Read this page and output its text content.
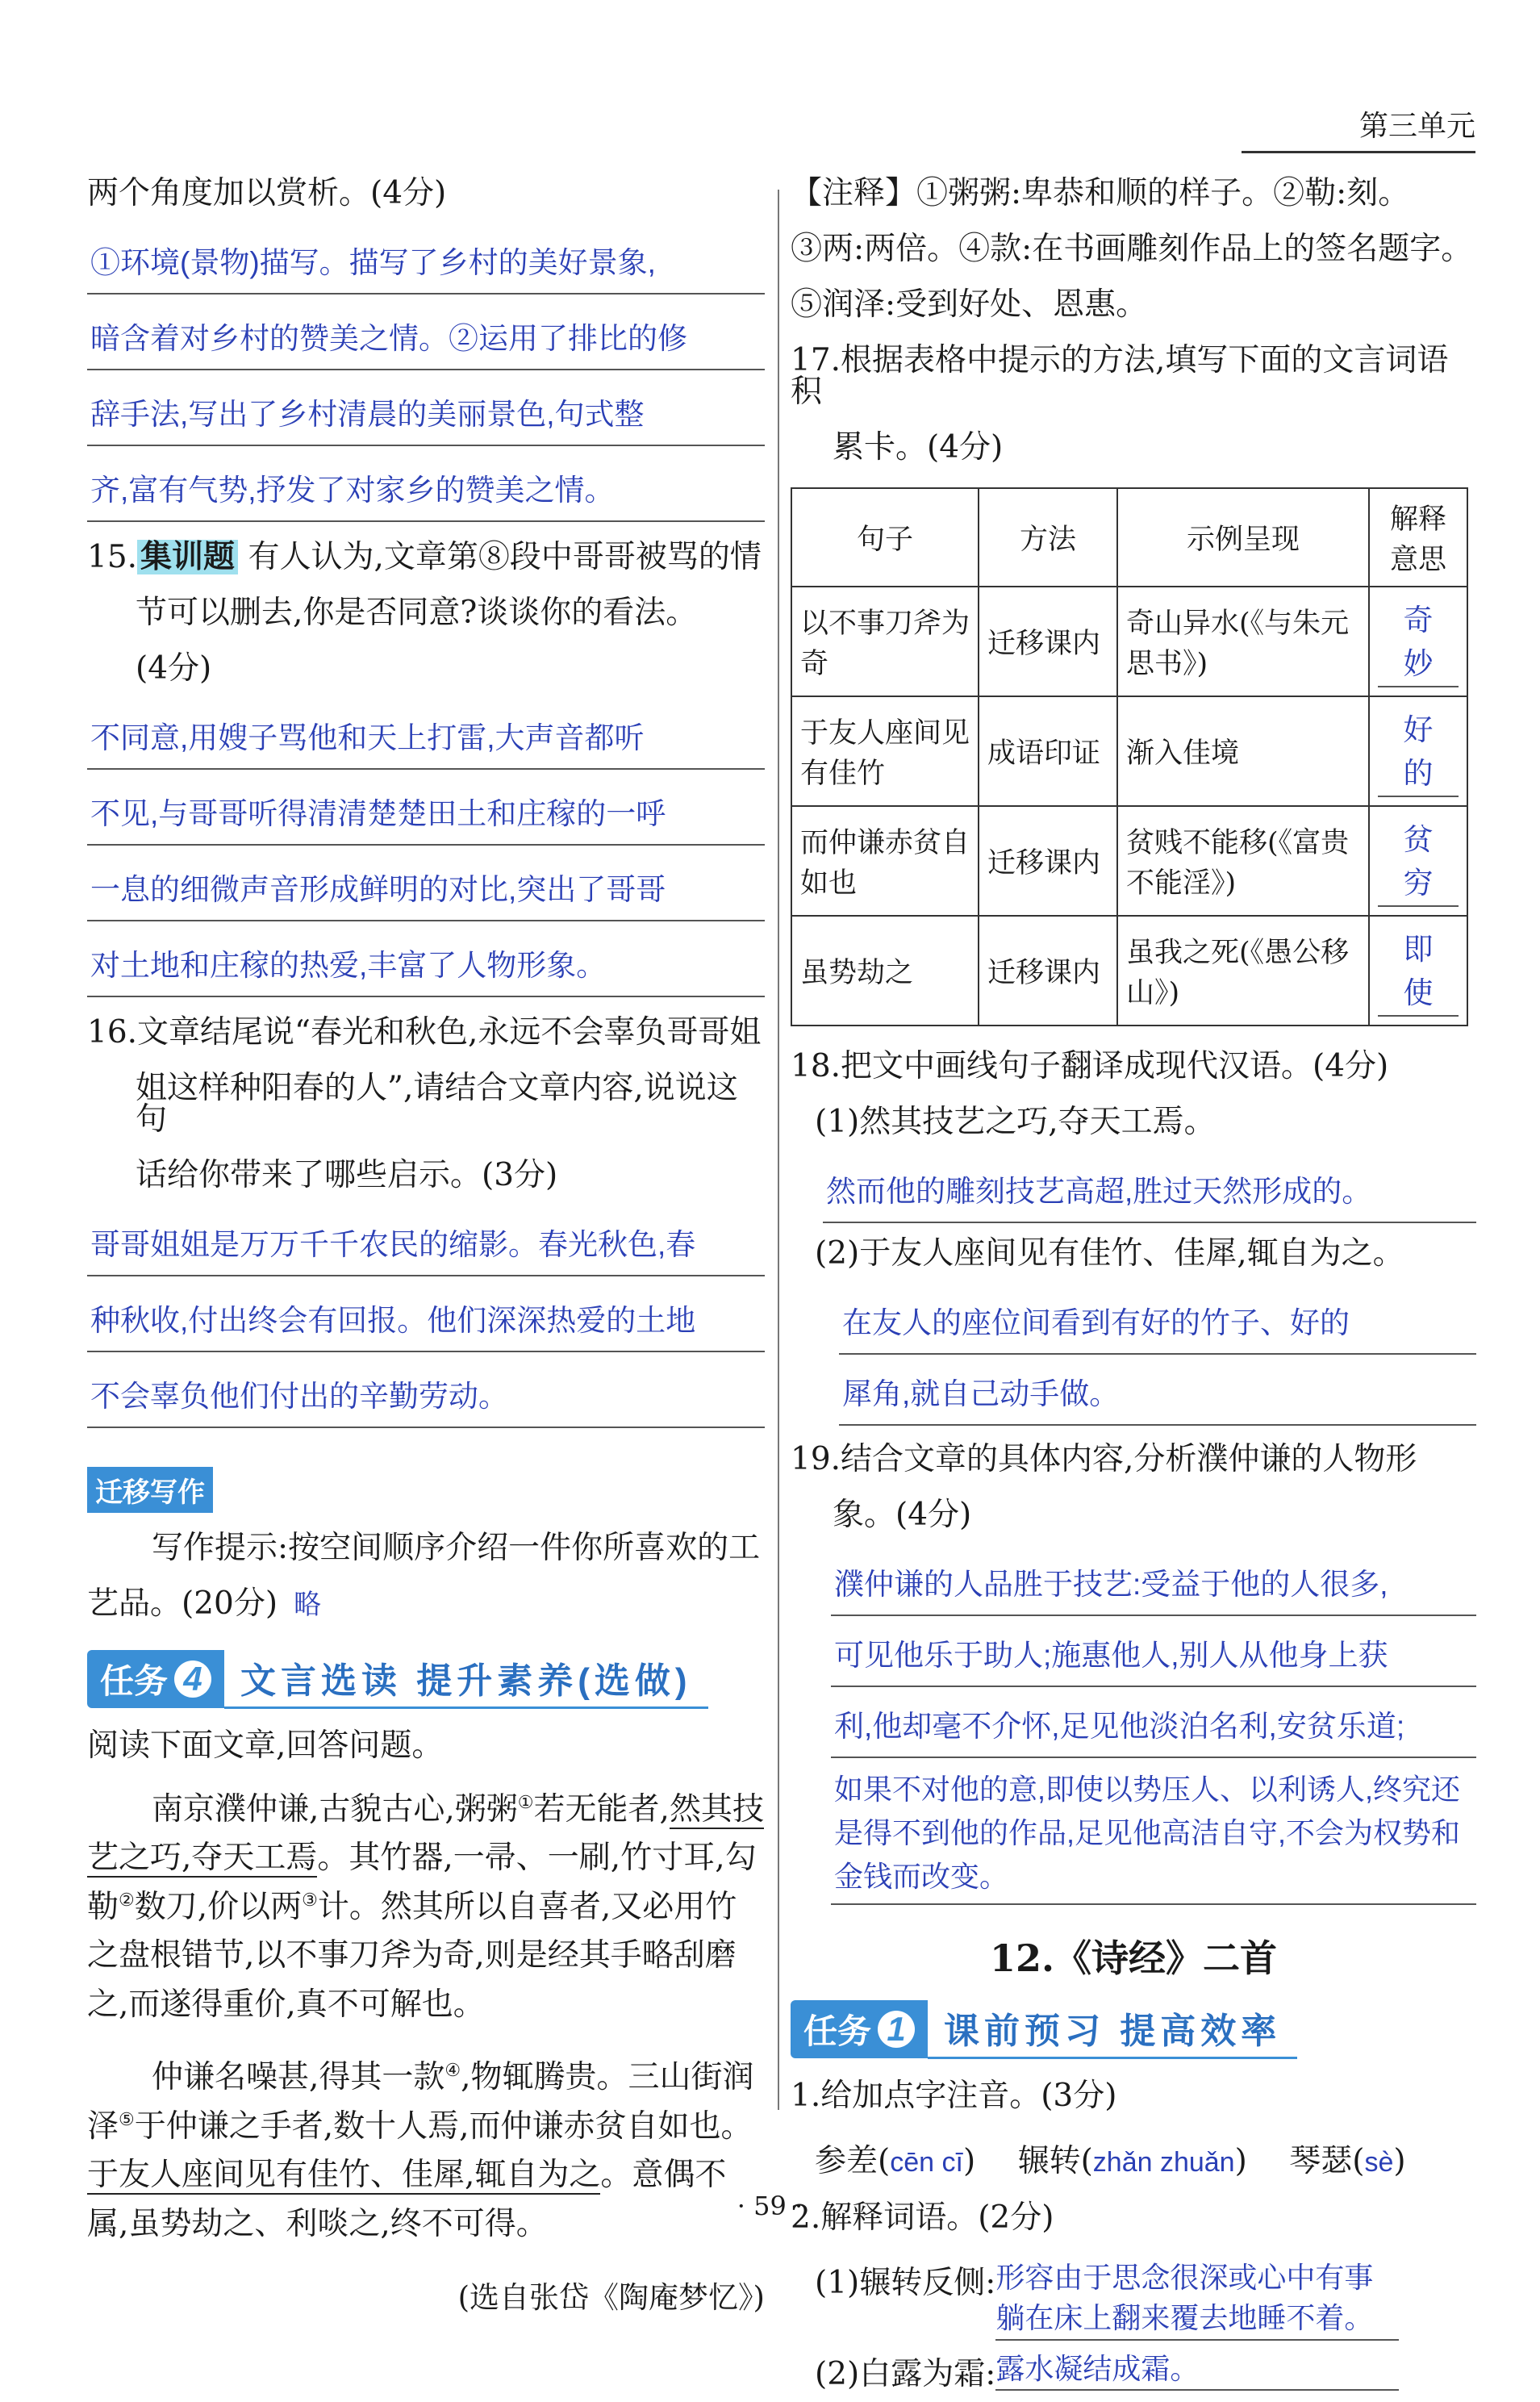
第三单元
两个角度加以赏析。(4分)
①环境(景物)描写。描写了乡村的美好景象,
暗含着对乡村的赞美之情。②运用了排比的修
辞手法,写出了乡村清晨的美丽景色,句式整
齐,富有气势,抒发了对家乡的赞美之情。
15. 集训题 有人认为,文章第⑧段中哥哥被骂的情
节可以删去,你是否同意?谈谈你的看法。
(4分)
不同意,用嫂子骂他和天上打雷,大声音都听
不见,与哥哥听得清清楚楚田土和庄稼的一呼
一息的细微声音形成鲜明的对比,突出了哥哥
对土地和庄稼的热爱,丰富了人物形象。
16.文章结尾说“春光和秋色,永远不会辜负哥哥姐
姐这样种阳春的人”,请结合文章内容,说说这句
话给你带来了哪些启示。(3分)
哥哥姐姐是万万千千农民的缩影。春光秋色,春
种秋收,付出终会有回报。他们深深热爱的土地
不会辜负他们付出的辛勤劳动。
迁移写作
写作提示:按空间顺序介绍一件你所喜欢的工
艺品。(20分) 略
任务 4	文言选读 提升素养(选做)
阅读下面文章,回答问题。
南京濮仲谦,古貌古心,粥粥①若无能者,然其技艺之巧,夺天工焉。其竹器,一帚、一刷,竹寸耳,勾勒②数刀,价以两③计。然其所以自喜者,又必用竹之盘根错节,以不事刀斧为奇,则是经其手略刮磨之,而遂得重价,真不可解也。
仲谦名噪甚,得其一款④,物辄腾贵。三山街润泽⑤于仲谦之手者,数十人焉,而仲谦赤贫自如也。于友人座间见有佳竹、佳犀,辄自为之。意偶不属,虽势劫之、利啖之,终不可得。
(选自张岱《陶庵梦忆》)
【注释】①粥粥:卑恭和顺的样子。②勒:刻。
③两:两倍。④款:在书画雕刻作品上的签名题字。
⑤润泽:受到好处、恩惠。
17.根据表格中提示的方法,填写下面的文言词语积
累卡。(4分)
句子	方法	示例呈现	解释意思
以不事刀斧为奇	迁移课内	奇山异水(《与朱元思书》)	奇妙
于友人座间见有佳竹	成语印证	渐入佳境	好的
而仲谦赤贫自如也	迁移课内	贫贱不能移(《富贵不能淫》)	贫穷
虽势劫之	迁移课内	虽我之死(《愚公移山》)	即使
18.把文中画线句子翻译成现代汉语。(4分)
(1)然其技艺之巧,夺天工焉。
然而他的雕刻技艺高超,胜过天然形成的。
(2)于友人座间见有佳竹、佳犀,辄自为之。
在友人的座位间看到有好的竹子、好的
犀角,就自己动手做。
19.结合文章的具体内容,分析濮仲谦的人物形
象。(4分)
濮仲谦的人品胜于技艺:受益于他的人很多,
可见他乐于助人;施惠他人,别人从他身上获
利,他却毫不介怀,足见他淡泊名利,安贫乐道;
如果不对他的意,即使以势压人、以利诱人,终究还是得不到他的作品,足见他高洁自守,不会为权势和金钱而改变。
12.《诗经》二首
任务 1	课前预习 提高效率
1.给加点字注音。(3分)
参差(cēn cī) 辗转(zhǎn zhuǎn) 琴瑟(sè)
2.解释词语。(2分)
(1)辗转反侧: 形容由于思念很深或心中有事躺在床上翻来覆去地睡不着。
(2)白露为霜: 露水凝结成霜。
· 59 ·
